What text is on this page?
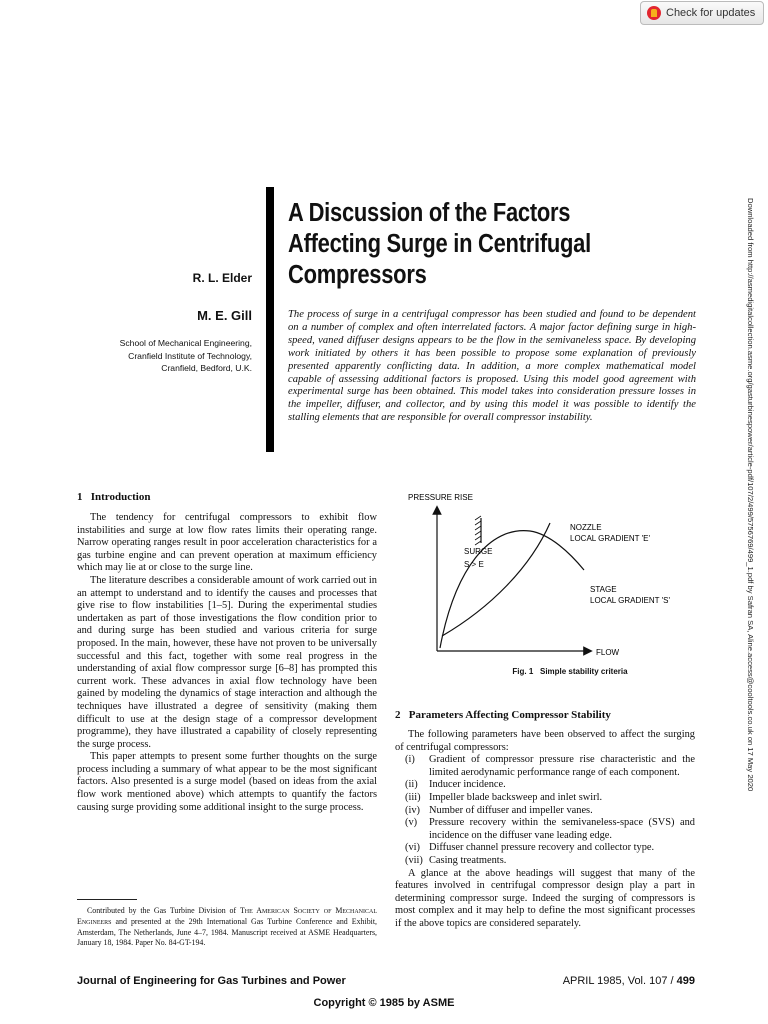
Check for updates
Downloaded from http://asmedigitalcollection.asme.org/gasturbinespower/article-pdf/107/2/499/5756769/499_1.pdf by Safran SA, Aline.access@cooltools.co.uk on 17 May 2020
A Discussion of the Factors
Affecting Surge in Centrifugal
Compressors
R. L. Elder
M. E. Gill
School of Mechanical Engineering,
Cranfield Institute of Technology,
Cranfield, Bedford, U.K.
The process of surge in a centrifugal compressor has been studied and found to be dependent on a number of complex and often interrelated factors. A major factor defining surge in high-speed, vaned diffuser designs appears to be the flow in the semivaneless space. By developing work initiated by others it has been possible to propose some explanation of previously presented apparently conflicting data. In addition, a more complex mathematical model capable of assessing additional factors is proposed. Using this model good agreement with experimental surge has been obtained. This model takes into consideration pressure losses in the impeller, diffuser, and collector, and by using this model it was possible to identify the stalling elements that are responsible for overall compressor instability.
1   Introduction

The tendency for centrifugal compressors to exhibit flow instabilities and surge at low flow rates limits their operating range. Narrow operating ranges result in poor acceleration characteristics for a gas turbine engine and can prevent operation at maximum efficiency which may lie at or close to the surge line.

The literature describes a considerable amount of work carried out in an attempt to understand and to identify the causes and processes that give rise to flow instabilities [1–5]. During the experimental studies undertaken as part of those investigations the flow condition prior to and during surge has been studied and various criteria for surge proposed. In the main, however, these have not proven to be universally successful and this fact, together with some real progress in the understanding of axial flow compressor surge [6–8] has prompted this current work. These advances in axial flow technology have been gained by modeling the dynamics of stage interaction and although the techniques have illustrated a degree of sensitivity (making them difficult to use at the design stage of a compressor development programme), they have illustrated a capability of closely representing the surge process.

This paper attempts to present some further thoughts on the surge process including a summary of what appear to be the most significant factors. Also presented is a surge model (based on ideas from the axial flow work mentioned above) which attempts to quantify the factors causing surge providing some additional insight to the surge process.

Contributed by the Gas Turbine Division of The American Society of Mechanical Engineers and presented at the 29th International Gas Turbine Conference and Exhibit, Amsterdam, The Netherlands, June 4–7, 1984. Manuscript received at ASME Headquarters, January 18, 1984. Paper No. 84-GT-194.

PRESSURE RISE
FLOW
SURGE
S > E
NOZZLE
LOCAL GRADIENT 'E'
STAGE
LOCAL GRADIENT 'S'
Fig. 1   Simple stability criteria
2   Parameters Affecting Compressor Stability

The following parameters have been observed to affect the surging of centrifugal compressors:

(i)	Gradient of compressor pressure rise characteristic and the limited aerodynamic performance range of each component.
(ii)	Inducer incidence.
(iii) Impeller blade backsweep and inlet swirl.
(iv) Number of diffuser and impeller vanes.
(v)	Pressure recovery within the semivaneless-space (SVS) and incidence on the diffuser vane leading edge.
(vi) Diffuser channel pressure recovery and collector type.
(vii) Casing treatments.

A glance at the above headings will suggest that many of the features involved in centrifugal compressor design play a part in determining compressor surge. Indeed the surging of compressors is most complex and it may help to define the most significant processes if the above topics are considered separately.

Journal of Engineering for Gas Turbines and Power	APRIL 1985, Vol. 107 / 499
Copyright © 1985 by ASME
